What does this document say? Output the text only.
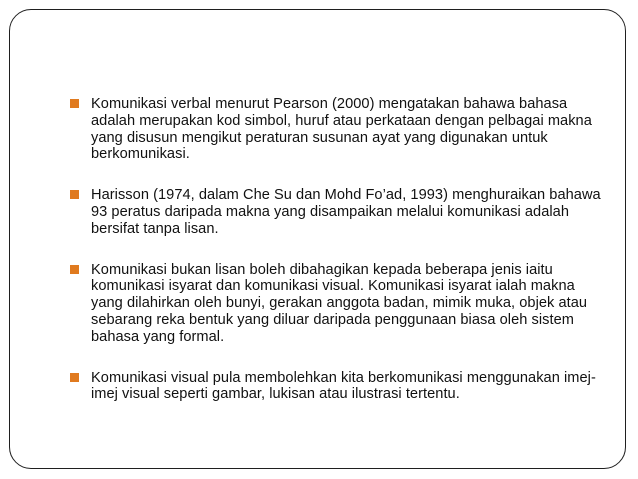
Komunikasi verbal menurut Pearson (2000) mengatakan bahawa bahasa adalah merupakan kod simbol, huruf atau perkataan dengan pelbagai makna yang disusun mengikut peraturan susunan ayat yang digunakan untuk berkomunikasi.
Harisson (1974, dalam Che Su dan Mohd Fo’ad, 1993) menghuraikan bahawa 93 peratus daripada makna yang disampaikan melalui komunikasi adalah bersifat tanpa lisan.
Komunikasi bukan lisan boleh dibahagikan kepada beberapa jenis iaitu komunikasi isyarat dan komunikasi visual. Komunikasi isyarat ialah makna yang dilahirkan oleh bunyi, gerakan anggota badan, mimik muka, objek atau sebarang reka bentuk yang diluar daripada penggunaan biasa oleh sistem bahasa yang formal.
Komunikasi visual pula membolehkan kita berkomunikasi menggunakan imej-imej visual seperti gambar, lukisan atau ilustrasi tertentu.
